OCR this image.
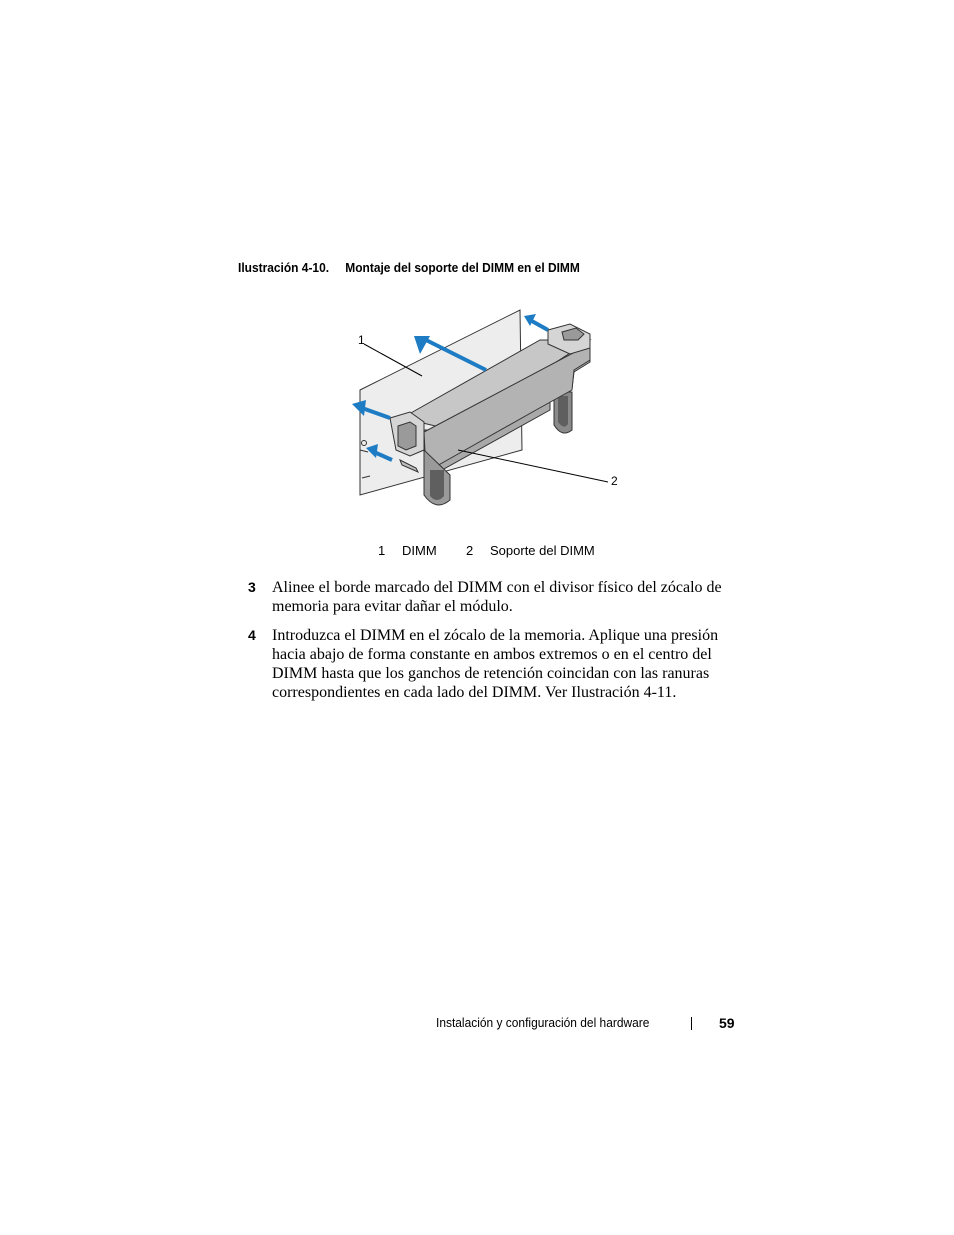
Ilustración 4-10. Montaje del soporte del DIMM en el DIMM
1
2
1 DIMM 2 Soporte del DIMM
3 Alinee el borde marcado del DIMM con el divisor físico del zócalo de memoria para evitar dañar el módulo.
4 Introduzca el DIMM en el zócalo de la memoria. Aplique una presión hacia abajo de forma constante en ambos extremos o en el centro del DIMM hasta que los ganchos de retención coincidan con las ranuras correspondientes en cada lado del DIMM. Ver Ilustración 4-11.
Instalación y configuración del hardware	59
